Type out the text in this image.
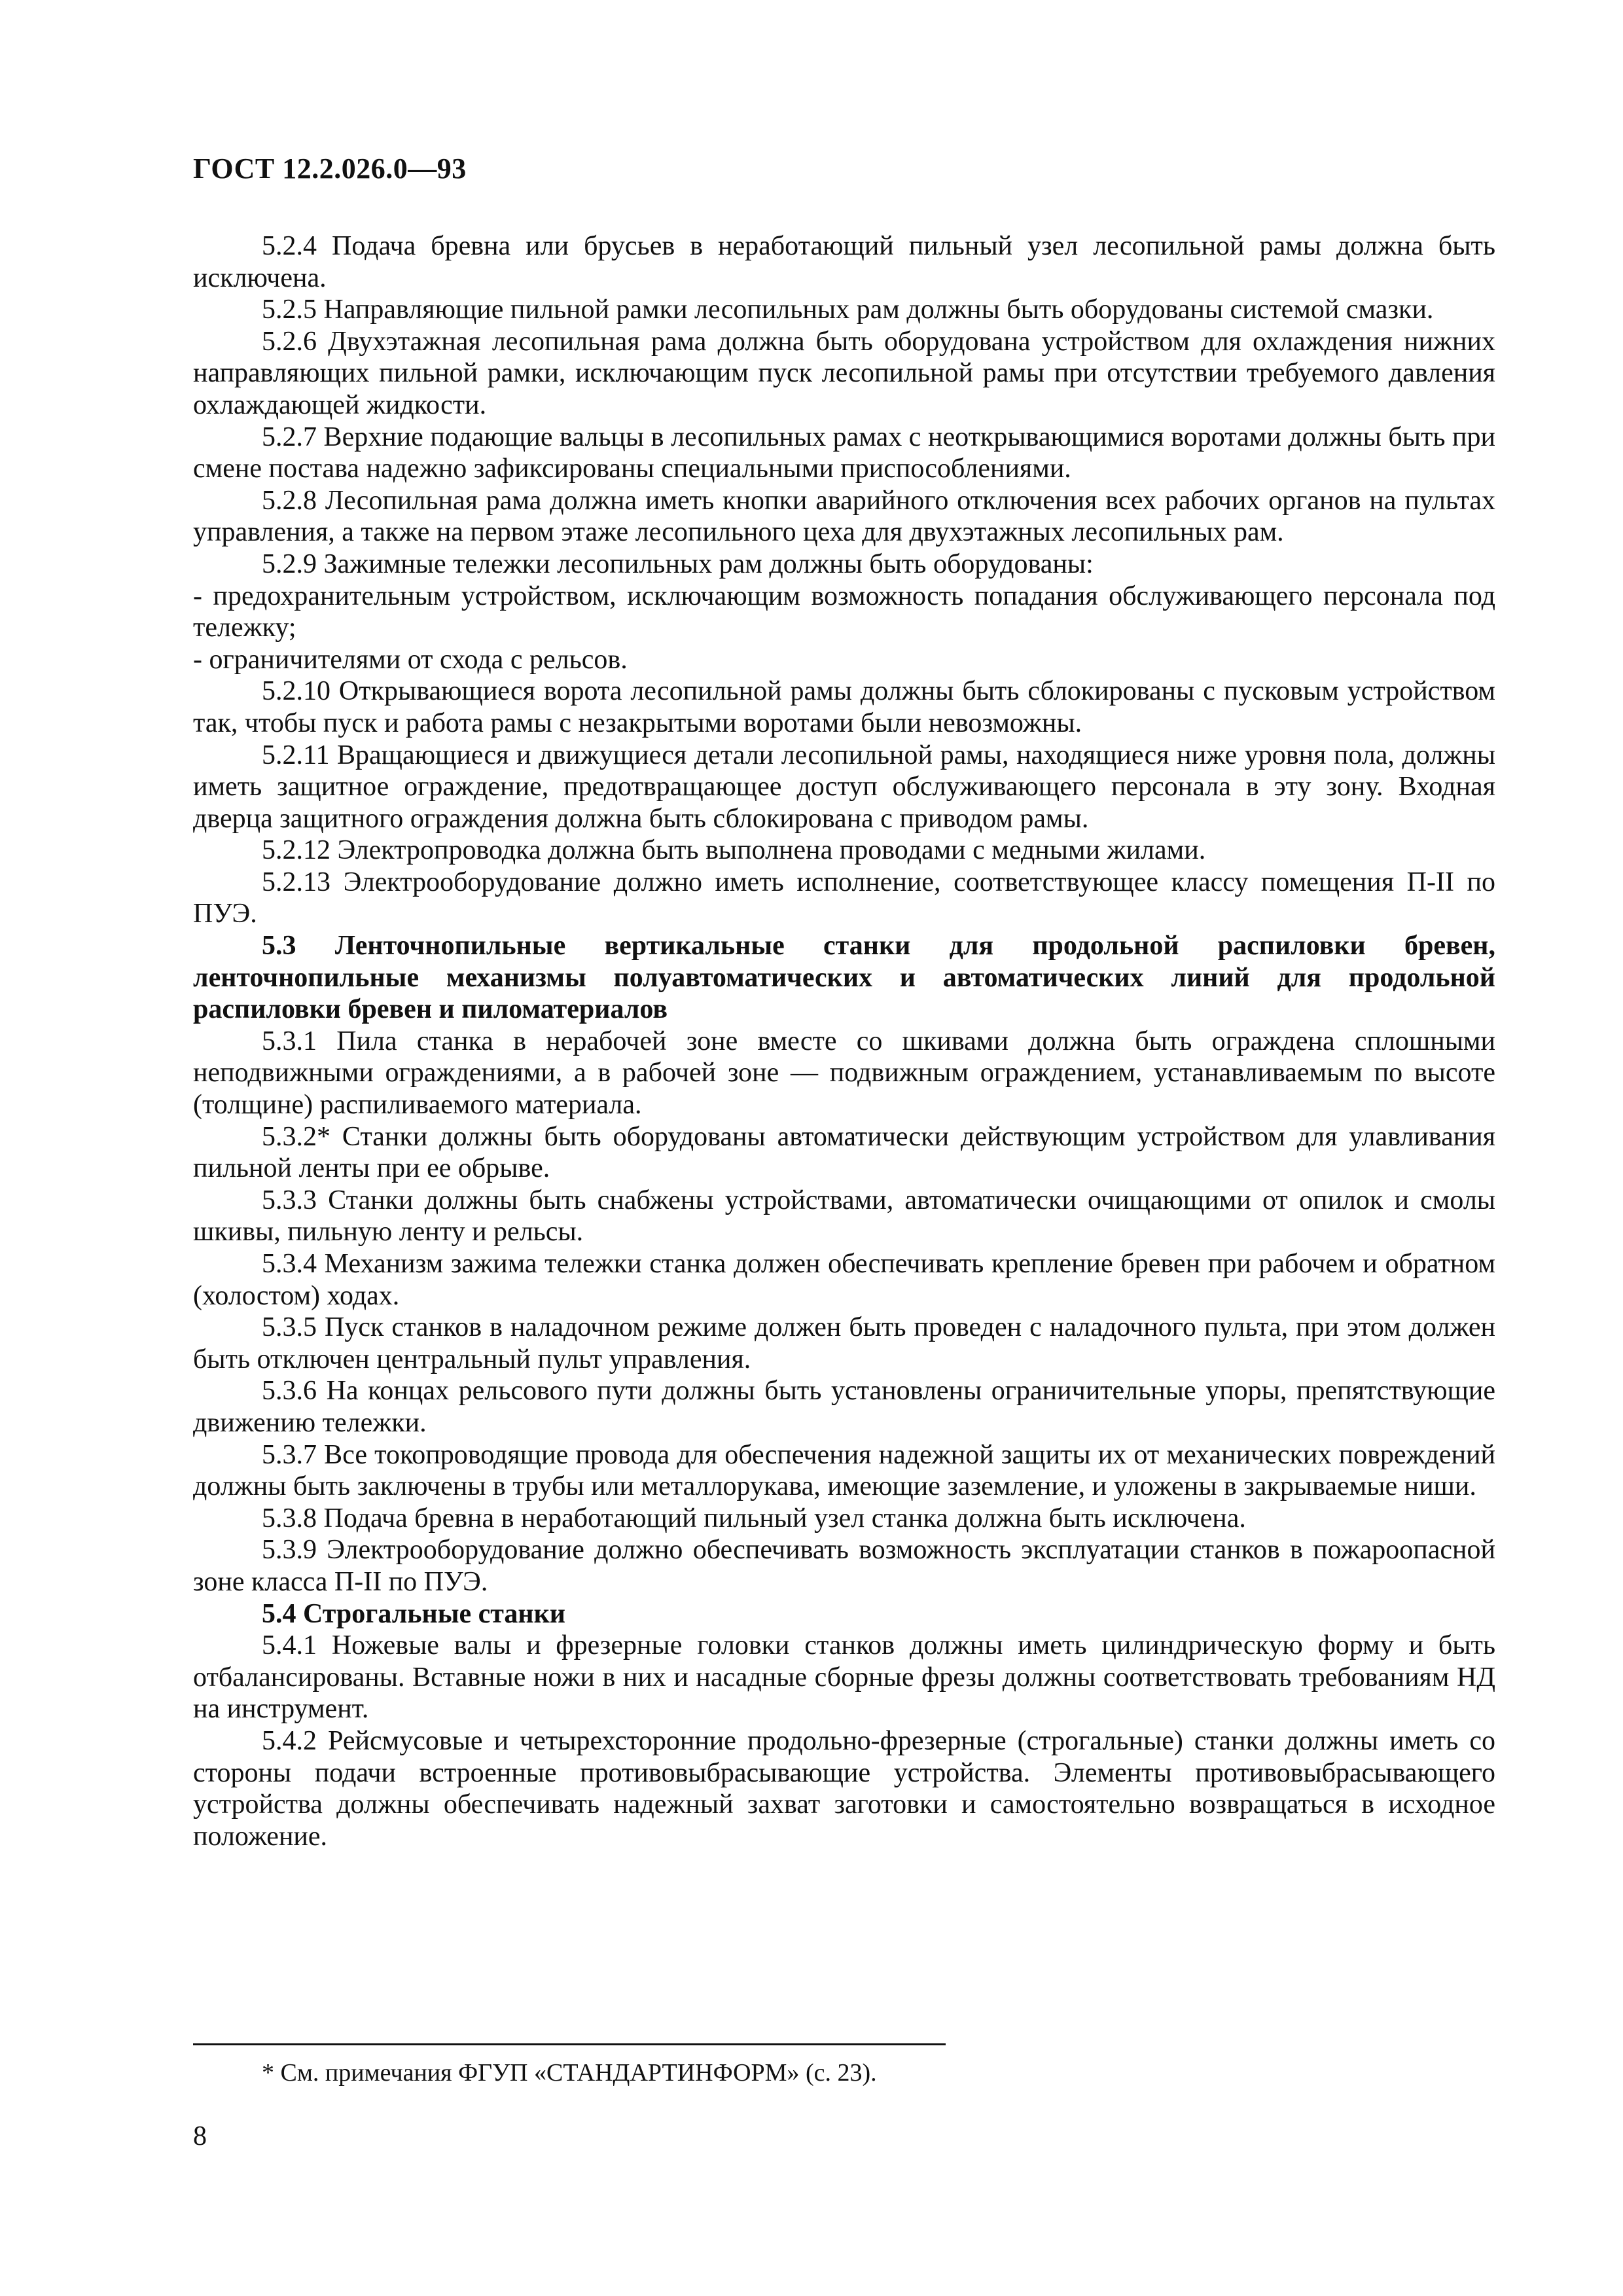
ГОСТ 12.2.026.0—93

5.2.4 Подача бревна или брусьев в неработающий пильный узел лесопильной рамы должна быть исключена.

5.2.5 Направляющие пильной рамки лесопильных рам должны быть оборудованы системой смазки.

5.2.6 Двухэтажная лесопильная рама должна быть оборудована устройством для охлаждения нижних направляющих пильной рамки, исключающим пуск лесопильной рамы при отсутствии требуемого давления охлаждающей жидкости.

5.2.7 Верхние подающие вальцы в лесопильных рамах с неоткрывающимися воротами должны быть при смене постава надежно зафиксированы специальными приспособлениями.

5.2.8 Лесопильная рама должна иметь кнопки аварийного отключения всех рабочих органов на пультах управления, а также на первом этаже лесопильного цеха для двухэтажных лесопильных рам.

5.2.9 Зажимные тележки лесопильных рам должны быть оборудованы:

- предохранительным устройством, исключающим возможность попадания обслуживающего персонала под тележку;

- ограничителями от схода с рельсов.

5.2.10 Открывающиеся ворота лесопильной рамы должны быть сблокированы с пусковым устройством так, чтобы пуск и работа рамы с незакрытыми воротами были невозможны.

5.2.11 Вращающиеся и движущиеся детали лесопильной рамы, находящиеся ниже уровня пола, должны иметь защитное ограждение, предотвращающее доступ обслуживающего персонала в эту зону. Входная дверца защитного ограждения должна быть сблокирована с приводом рамы.

5.2.12 Электропроводка должна быть выполнена проводами с медными жилами.

5.2.13 Электрооборудование должно иметь исполнение, соответствующее классу помещения П-II по ПУЭ.

5.3 Ленточнопильные вертикальные станки для продольной распиловки бревен, ленточнопильные механизмы полуавтоматических и автоматических линий для продольной распиловки бревен и пиломатериалов

5.3.1 Пила станка в нерабочей зоне вместе со шкивами должна быть ограждена сплошными неподвижными ограждениями, а в рабочей зоне — подвижным ограждением, устанавливаемым по высоте (толщине) распиливаемого материала.

5.3.2* Станки должны быть оборудованы автоматически действующим устройством для улавливания пильной ленты при ее обрыве.

5.3.3 Станки должны быть снабжены устройствами, автоматически очищающими от опилок и смолы шкивы, пильную ленту и рельсы.

5.3.4 Механизм зажима тележки станка должен обеспечивать крепление бревен при рабочем и обратном (холостом) ходах.

5.3.5 Пуск станков в наладочном режиме должен быть проведен с наладочного пульта, при этом должен быть отключен центральный пульт управления.

5.3.6 На концах рельсового пути должны быть установлены ограничительные упоры, препятствующие движению тележки.

5.3.7 Все токопроводящие провода для обеспечения надежной защиты их от механических повреждений должны быть заключены в трубы или металлорукава, имеющие заземление, и уложены в закрываемые ниши.

5.3.8 Подача бревна в неработающий пильный узел станка должна быть исключена.

5.3.9 Электрооборудование должно обеспечивать возможность эксплуатации станков в пожароопасной зоне класса П-II по ПУЭ.

5.4 Строгальные станки

5.4.1 Ножевые валы и фрезерные головки станков должны иметь цилиндрическую форму и быть отбалансированы. Вставные ножи в них и насадные сборные фрезы должны соответствовать требованиям НД на инструмент.

5.4.2 Рейсмусовые и четырехсторонние продольно-фрезерные (строгальные) станки должны иметь со стороны подачи встроенные противовыбрасывающие устройства. Элементы противовыбрасывающего устройства должны обеспечивать надежный захват заготовки и самостоятельно возвращаться в исходное положение.

* См. примечания ФГУП «СТАНДАРТИНФОРМ» (с. 23).

8
